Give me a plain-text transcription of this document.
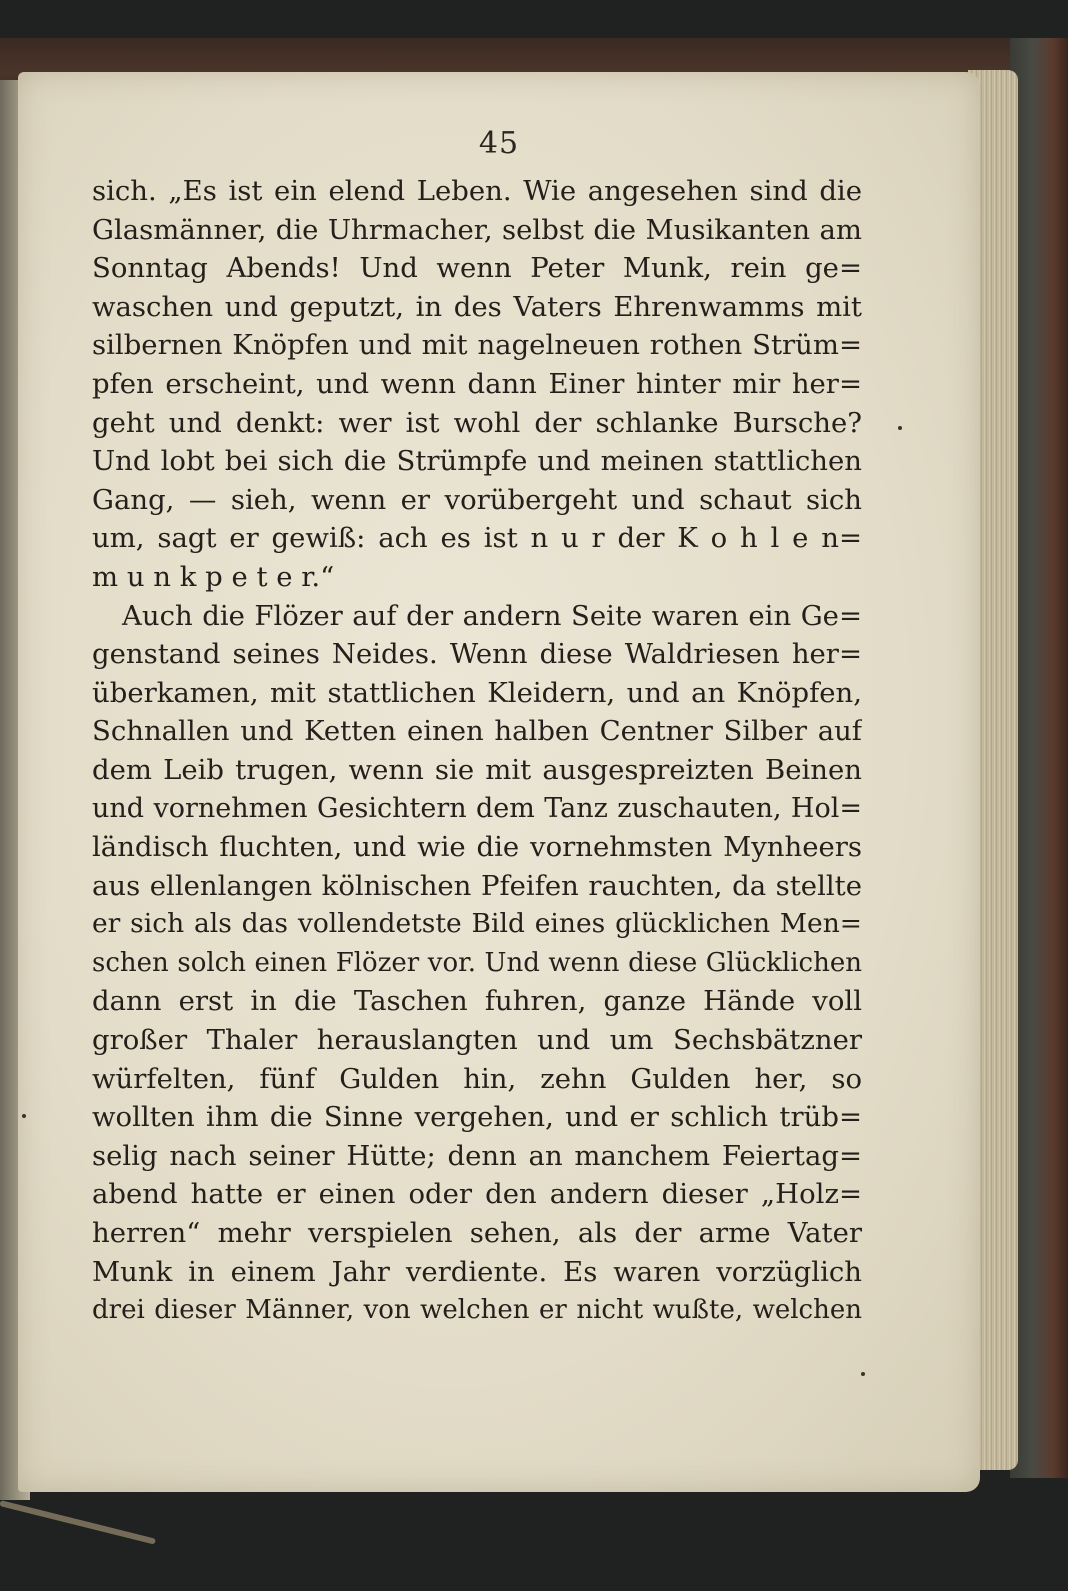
45
sich. „Es ist ein elend Leben. Wie angesehen sind die
Glasmänner, die Uhrmacher, selbst die Musikanten am
Sonntag Abends! Und wenn Peter Munk, rein ge=
waschen und geputzt, in des Vaters Ehrenwamms mit
silbernen Knöpfen und mit nagelneuen rothen Strüm=
pfen erscheint, und wenn dann Einer hinter mir her=
geht und denkt: wer ist wohl der schlanke Bursche?
Und lobt bei sich die Strümpfe und meinen stattlichen
Gang, — sieh, wenn er vorübergeht und schaut sich
um, sagt er gewiß: ach es ist n u r der K o h l e n=
m u n k p e t e r.“
Auch die Flözer auf der andern Seite waren ein Ge=
genstand seines Neides. Wenn diese Waldriesen her=
überkamen, mit stattlichen Kleidern, und an Knöpfen,
Schnallen und Ketten einen halben Centner Silber auf
dem Leib trugen, wenn sie mit ausgespreizten Beinen
und vornehmen Gesichtern dem Tanz zuschauten, Hol=
ländisch fluchten, und wie die vornehmsten Mynheers
aus ellenlangen kölnischen Pfeifen rauchten, da stellte
er sich als das vollendetste Bild eines glücklichen Men=
schen solch einen Flözer vor. Und wenn diese Glücklichen
dann erst in die Taschen fuhren, ganze Hände voll
großer Thaler herauslangten und um Sechsbätzner
würfelten, fünf Gulden hin, zehn Gulden her, so
wollten ihm die Sinne vergehen, und er schlich trüb=
selig nach seiner Hütte; denn an manchem Feiertag=
abend hatte er einen oder den andern dieser „Holz=
herren“ mehr verspielen sehen, als der arme Vater
Munk in einem Jahr verdiente. Es waren vorzüglich
drei dieser Männer, von welchen er nicht wußte, welchen
